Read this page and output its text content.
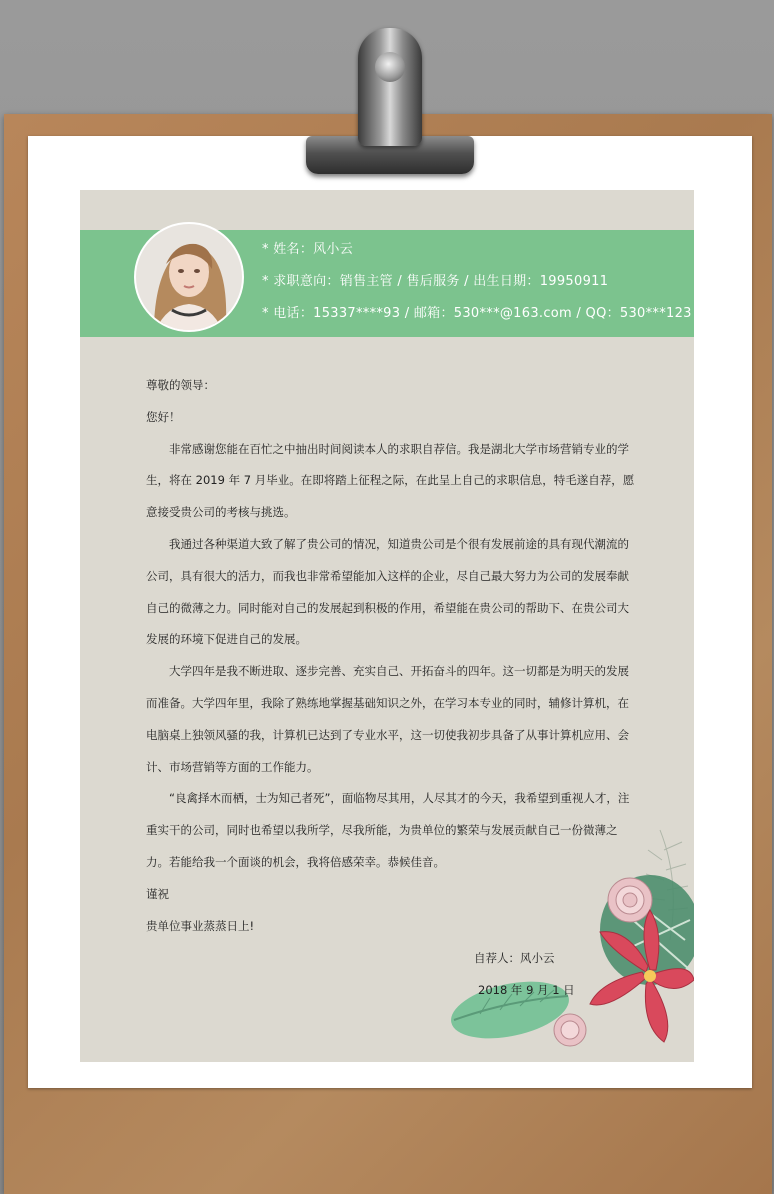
* 姓名：风小云
* 求职意向：销售主管 / 售后服务 / 出生日期：19950911
* 电话：15337****93 / 邮箱：530***@163.com / QQ：530***123

尊敬的领导：

您好！

非常感谢您能在百忙之中抽出时间阅读本人的求职自荐信。我是湖北大学市场营销专业的学生，将在 2019 年 7 月毕业。在即将踏上征程之际，在此呈上自己的求职信息，特毛遂自荐，愿意接受贵公司的考核与挑选。

我通过各种渠道大致了解了贵公司的情况，知道贵公司是个很有发展前途的具有现代潮流的公司，具有很大的活力，而我也非常希望能加入这样的企业，尽自己最大努力为公司的发展奉献自己的微薄之力。同时能对自己的发展起到积极的作用，希望能在贵公司的帮助下、在贵公司大发展的环境下促进自己的发展。

大学四年是我不断进取、逐步完善、充实自己、开拓奋斗的四年。这一切都是为明天的发展而准备。大学四年里，我除了熟练地掌握基础知识之外，在学习本专业的同时，辅修计算机，在电脑桌上独领风骚的我，计算机已达到了专业水平，这一切使我初步具备了从事计算机应用、会计、市场营销等方面的工作能力。

“良禽择木而栖，士为知己者死”，面临物尽其用，人尽其才的今天，我希望到重视人才，注重实干的公司，同时也希望以我所学，尽我所能，为贵单位的繁荣与发展贡献自己一份微薄之力。若能给我一个面谈的机会，我将倍感荣幸。恭候佳音。

谨祝

贵单位事业蒸蒸日上!

自荐人：风小云
2018 年 9 月 1 日
